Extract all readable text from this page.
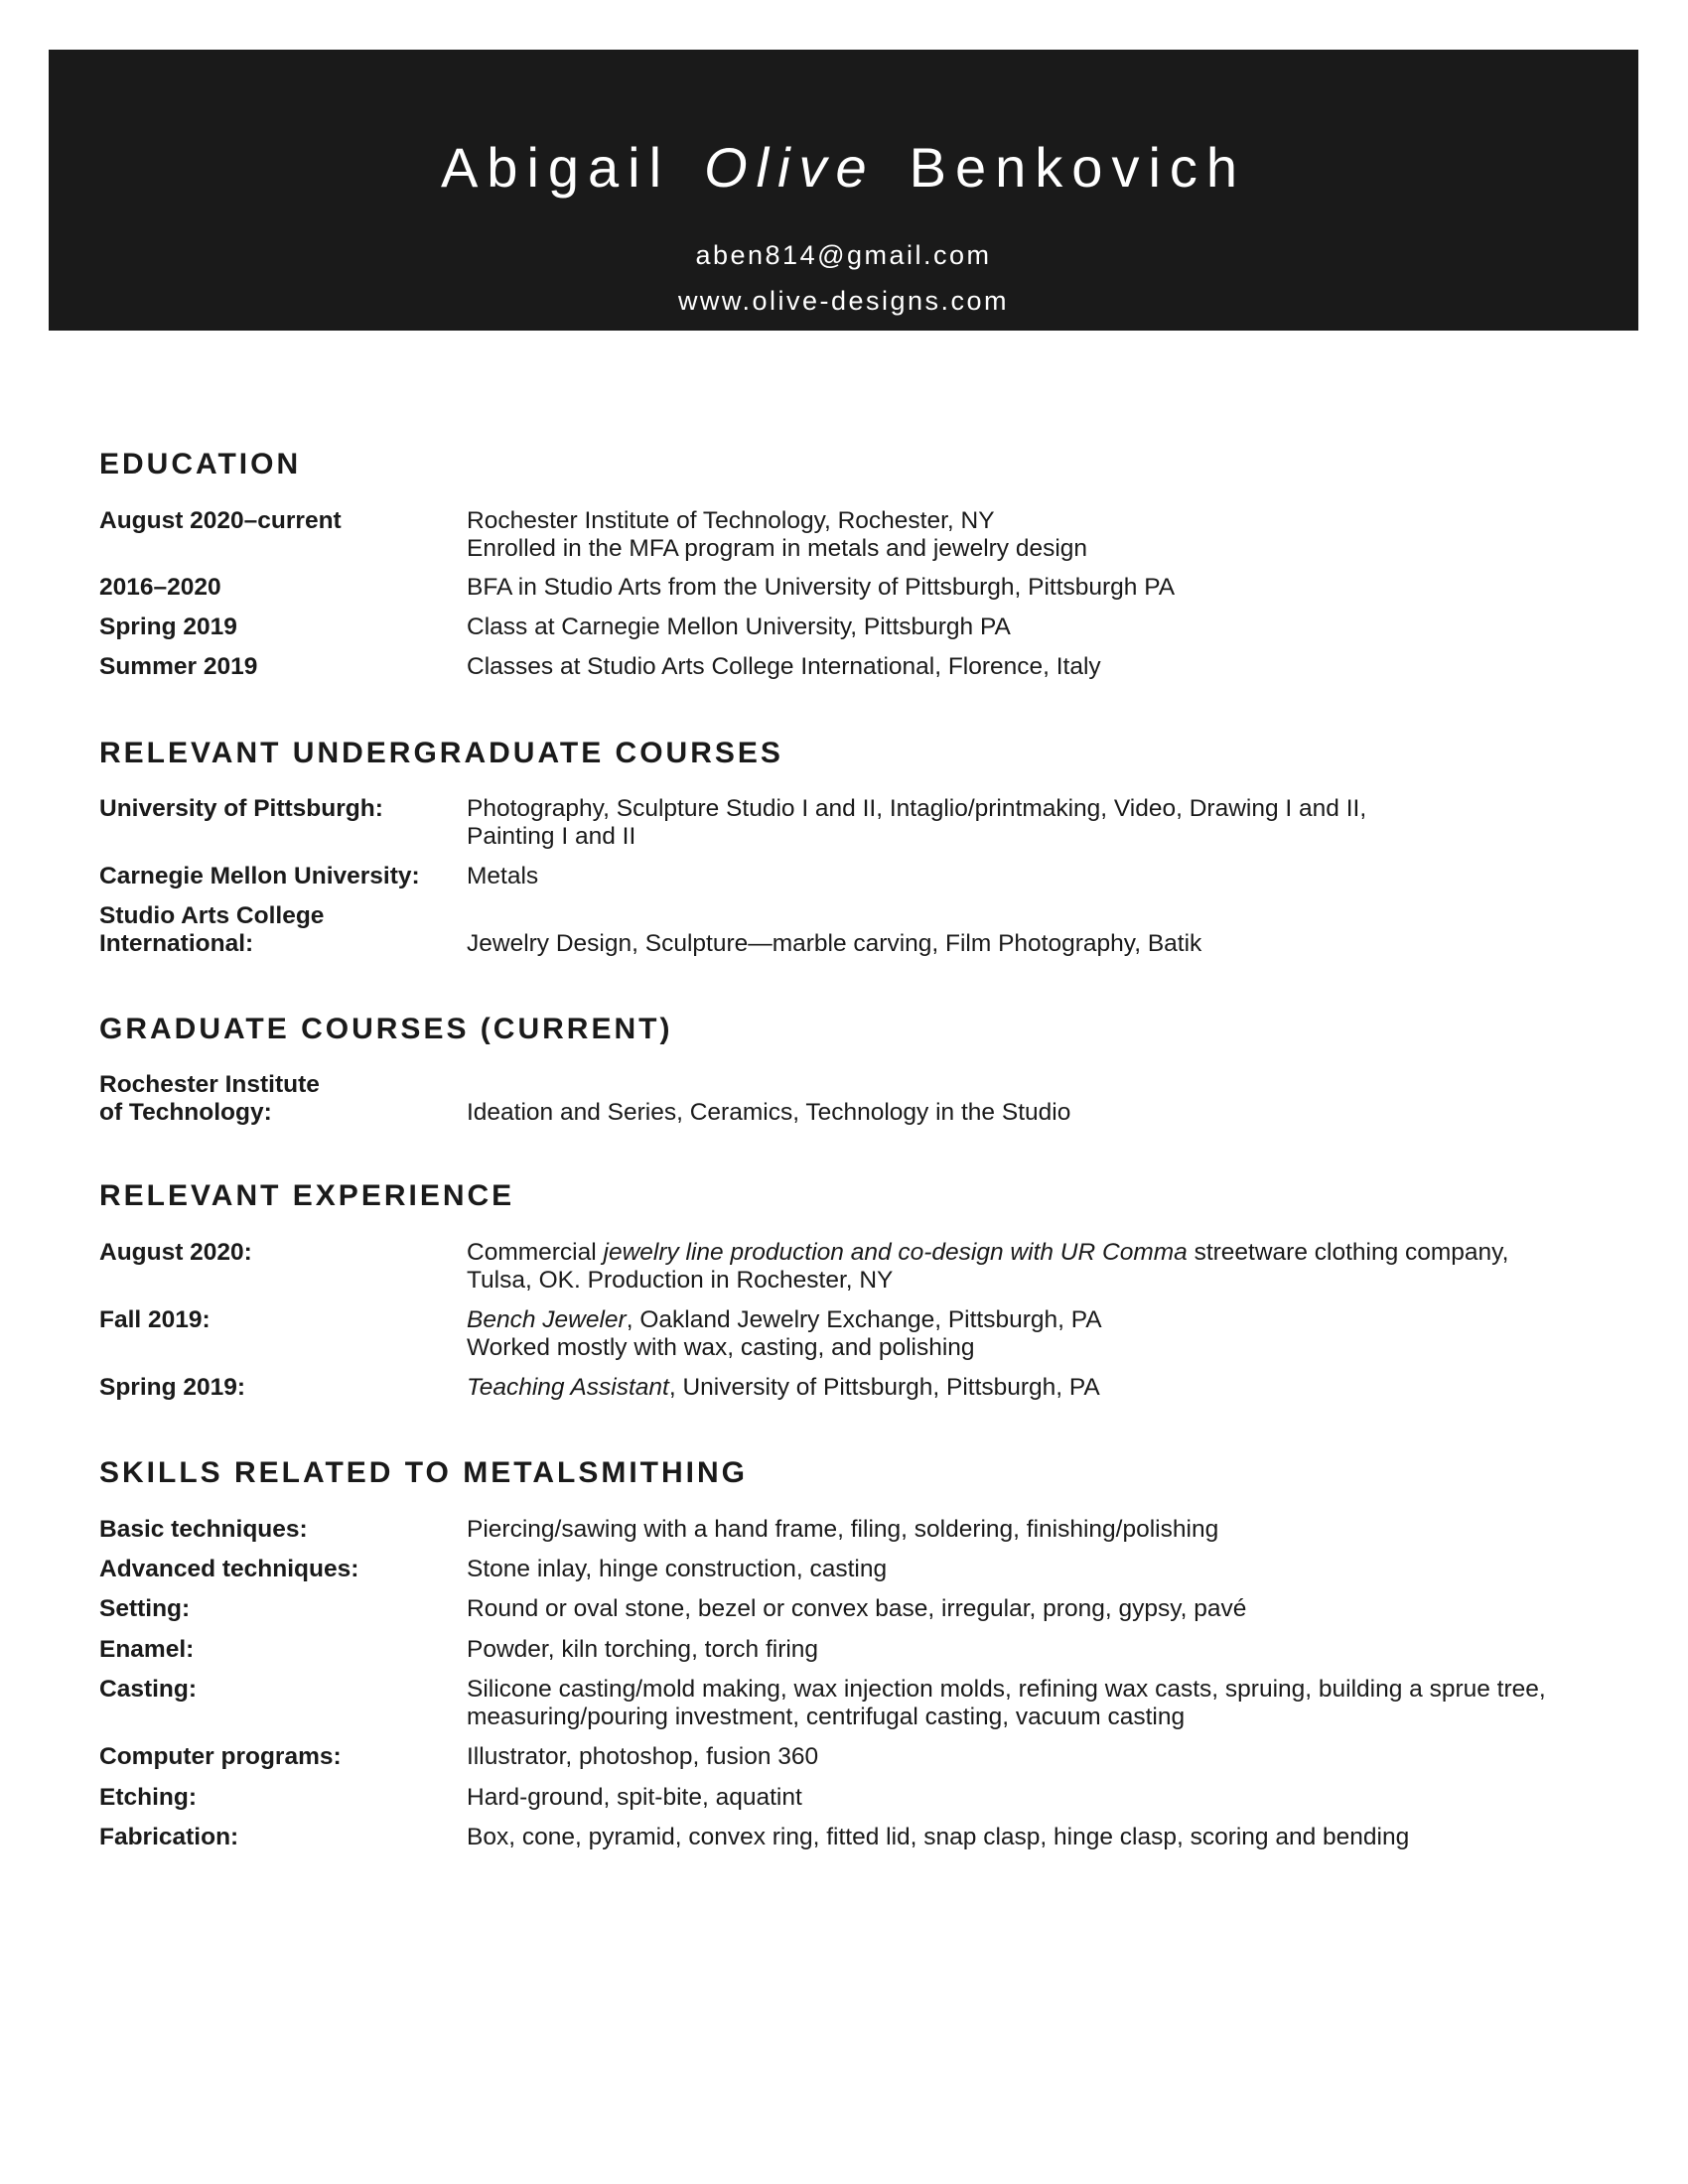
Abigail Olive Benkovich
aben814@gmail.com
www.olive-designs.com
EDUCATION
August 2020–current	Rochester Institute of Technology, Rochester, NY
Enrolled in the MFA program in metals and jewelry design
2016–2020	BFA in Studio Arts from the University of Pittsburgh, Pittsburgh PA
Spring 2019	Class at Carnegie Mellon University, Pittsburgh PA
Summer 2019	Classes at Studio Arts College International, Florence, Italy
RELEVANT UNDERGRADUATE COURSES
University of Pittsburgh:	Photography, Sculpture Studio I and II, Intaglio/printmaking, Video, Drawing I and II,
Painting I and II
Carnegie Mellon University:	Metals
Studio Arts College
International:	Jewelry Design, Sculpture—marble carving, Film Photography, Batik
GRADUATE COURSES (CURRENT)
Rochester Institute
of Technology:	Ideation and Series, Ceramics, Technology in the Studio
RELEVANT EXPERIENCE
August 2020:	Commercial jewelry line production and co-design with UR Comma streetware clothing company,
Tulsa, OK. Production in Rochester, NY
Fall 2019:	Bench Jeweler, Oakland Jewelry Exchange, Pittsburgh, PA
Worked mostly with wax, casting, and polishing
Spring 2019:	Teaching Assistant, University of Pittsburgh, Pittsburgh, PA
SKILLS RELATED TO METALSMITHING
Basic techniques:	Piercing/sawing with a hand frame, filing, soldering, finishing/polishing
Advanced techniques:	Stone inlay, hinge construction, casting
Setting:	Round or oval stone, bezel or convex base, irregular, prong, gypsy, pavé
Enamel:	Powder, kiln torching, torch firing
Casting:	Silicone casting/mold making, wax injection molds, refining wax casts, spruing, building a sprue tree,
measuring/pouring investment, centrifugal casting, vacuum casting
Computer programs:	Illustrator, photoshop, fusion 360
Etching:	Hard-ground, spit-bite, aquatint
Fabrication:	Box, cone, pyramid, convex ring, fitted lid, snap clasp, hinge clasp, scoring and bending
